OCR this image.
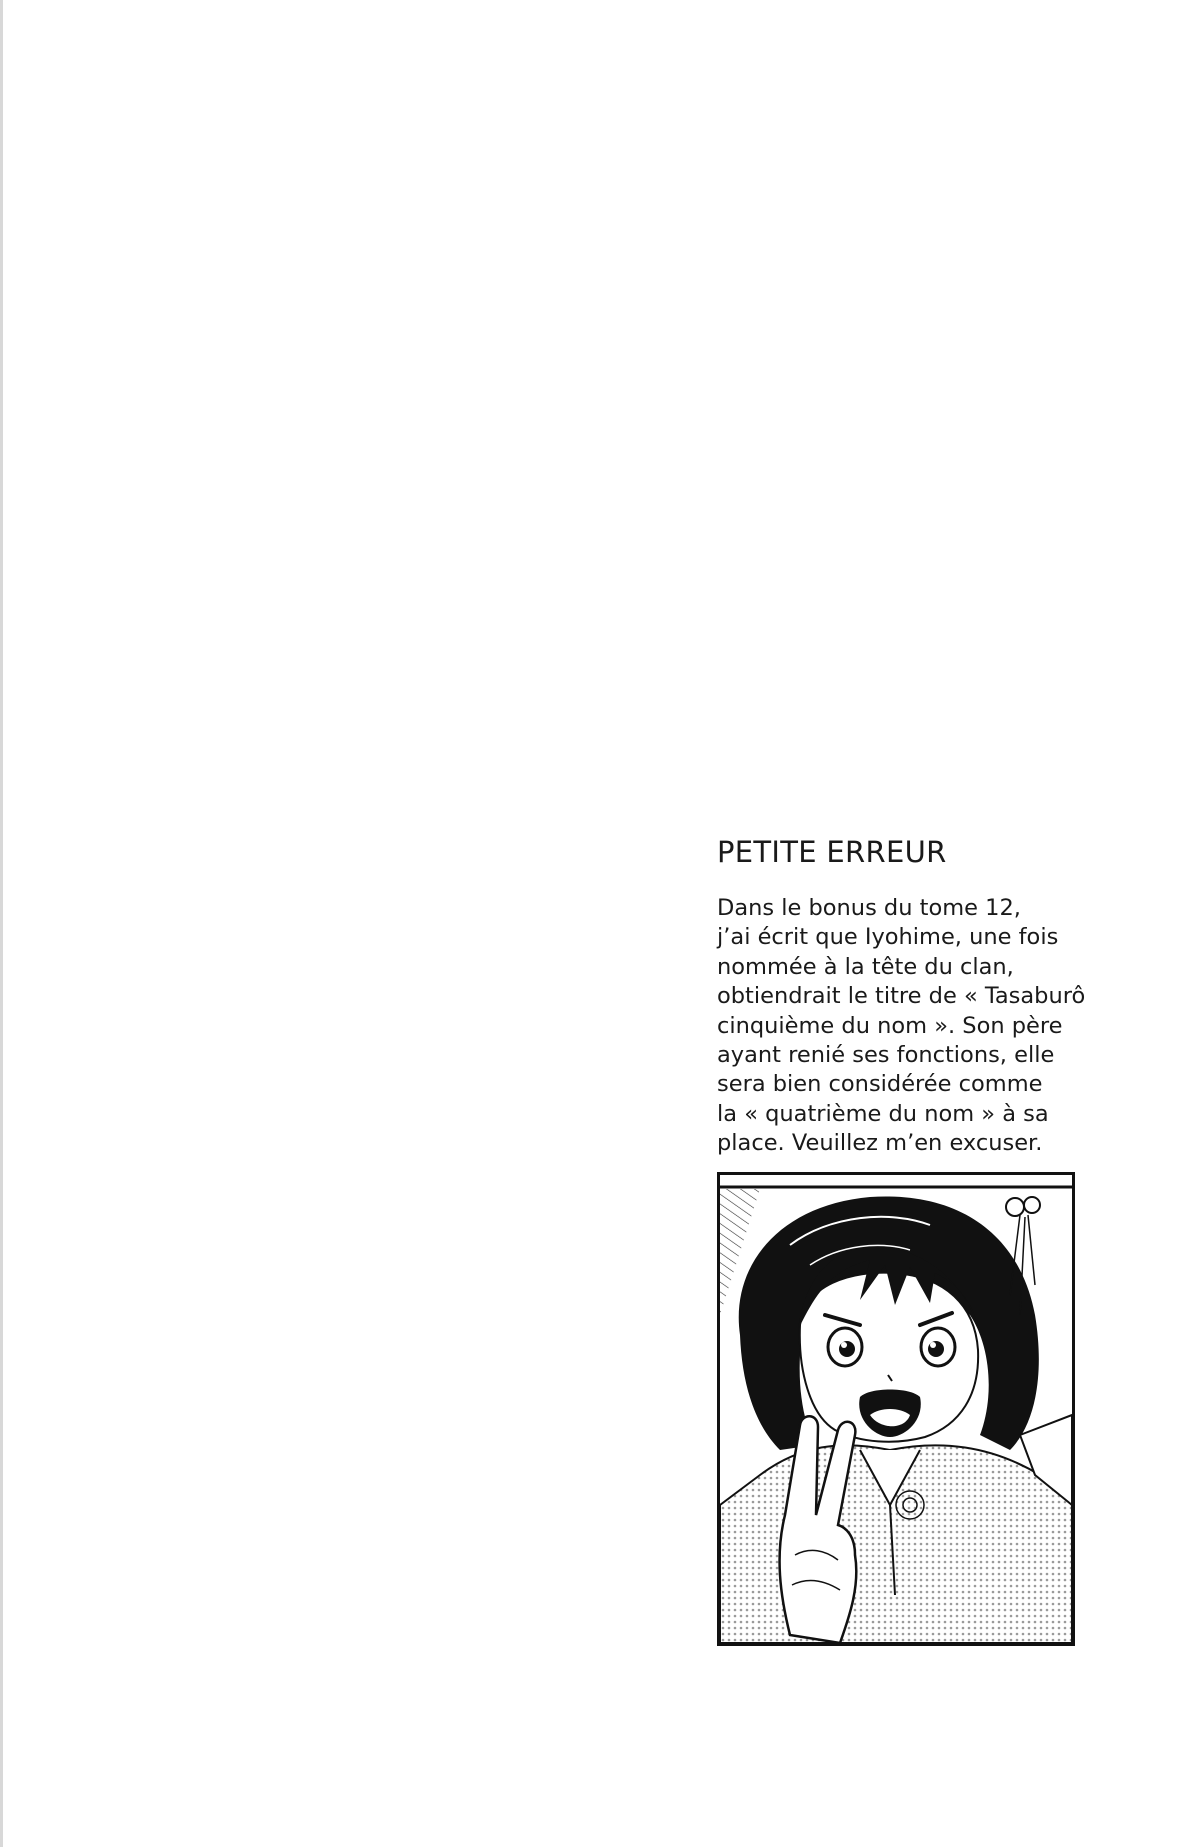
PETITE ERREUR
Dans le bonus du tome 12,
j’ai écrit que Iyohime, une fois
nommée à la tête du clan,
obtiendrait le titre de « Tasaburô
cinquième du nom ». Son père
ayant renié ses fonctions, elle
sera bien considérée comme
la « quatrième du nom » à sa
place. Veuillez m’en excuser.
